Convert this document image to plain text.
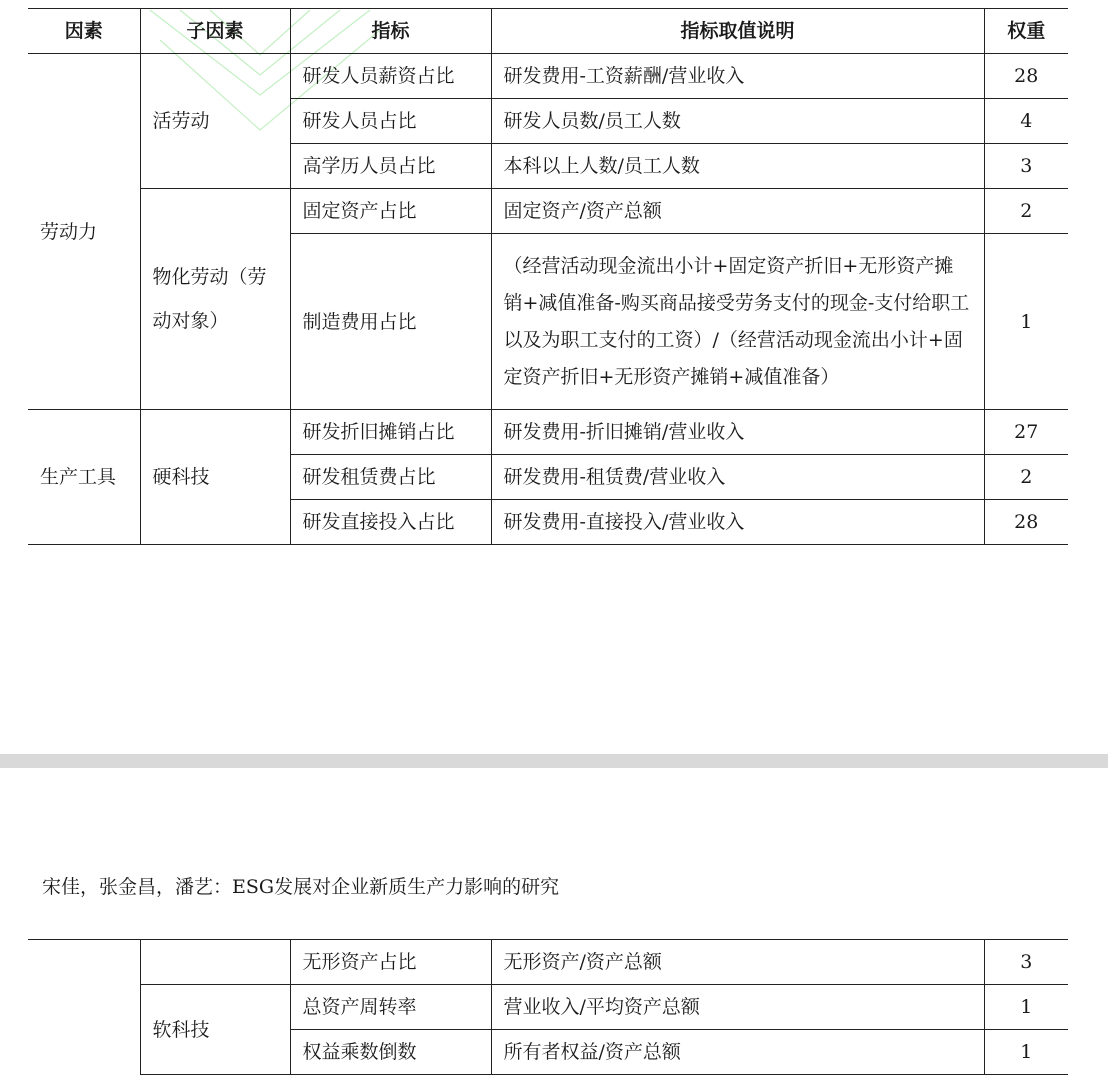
因素	子因素	指标	指标取值说明	权重
劳动力	活劳动	研发人员薪资占比	研发费用-工资薪酬/营业收入	28
		研发人员占比	研发人员数/员工人数	4
		高学历人员占比	本科以上人数/员工人数	3
	物化劳动（劳动对象）	固定资产占比	固定资产/资产总额	2
		制造费用占比	（经营活动现金流出小计+固定资产折旧+无形资产摊销+减值准备-购买商品接受劳务支付的现金-支付给职工以及为职工支付的工资）/（经营活动现金流出小计+固定资产折旧+无形资产摊销+减值准备）	1
生产工具	硬科技	研发折旧摊销占比	研发费用-折旧摊销/营业收入	27
		研发租赁费占比	研发费用-租赁费/营业收入	2
		研发直接投入占比	研发费用-直接投入/营业收入	28
		无形资产占比	无形资产/资产总额	3
	软科技	总资产周转率	营业收入/平均资产总额	1
		权益乘数倒数	所有者权益/资产总额	1
宋佳，张金昌，潘艺：ESG发展对企业新质生产力影响的研究
